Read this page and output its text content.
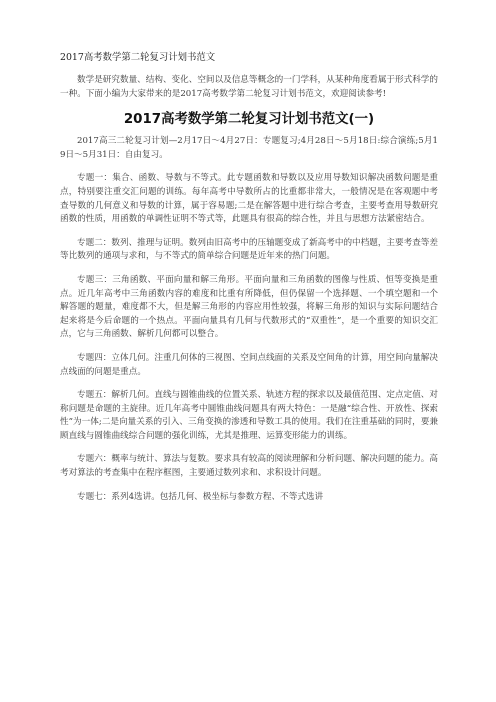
2017高考数学第二轮复习计划书范文

数学是研究数量、结构、变化、空间以及信息等概念的一门学科，从某种角度看属于形式科学的一种。下面小编为大家带来的是2017高考数学第二轮复习计划书范文，欢迎阅读参考!

2017高考数学第二轮复习计划书范文(一)

2017高三二轮复习计划—2月17日～4月27日：专题复习;4月28日～5月18日:综合演练;5月19日～5月31日：自由复习。

专题一：集合、函数、导数与不等式。此专题函数和导数以及应用导数知识解决函数问题是重点，特别要注重交汇问题的训练。每年高考中导数所占的比重都非常大，一般情况是在客观题中考查导数的几何意义和导数的计算，属于容易题;二是在解答题中进行综合考查，主要考查用导数研究函数的性质，用函数的单调性证明不等式等，此题具有很高的综合性，并且与思想方法紧密结合。

专题二：数列、推理与证明。数列由旧高考中的压轴题变成了新高考中的中档题，主要考查等差等比数列的通项与求和，与不等式的简单综合问题是近年来的热门问题。

专题三：三角函数、平面向量和解三角形。平面向量和三角函数的图像与性质、恒等变换是重点。近几年高考中三角函数内容的难度和比重有所降低，但仍保留一个选择题、一个填空题和一个解答题的题量，难度都不大，但是解三角形的内容应用性较强，将解三角形的知识与实际问题结合起来将是今后命题的一个热点。平面向量具有几何与代数形式的“双重性”，是一个重要的知识交汇点，它与三角函数、解析几何都可以整合。

专题四：立体几何。注重几何体的三视图、空间点线面的关系及空间角的计算，用空间向量解决点线面的问题是重点。

专题五：解析几何。直线与圆锥曲线的位置关系、轨迹方程的探求以及最值范围、定点定值、对称问题是命题的主旋律。近几年高考中圆锥曲线问题具有两大特色：一是融“综合性、开放性、探索性”为一体;二是向量关系的引入、三角变换的渗透和导数工具的使用。我们在注重基础的同时，要兼顾直线与圆锥曲线综合问题的强化训练，尤其是推理、运算变形能力的训练。

专题六：概率与统计、算法与复数。要求具有较高的阅读理解和分析问题、解决问题的能力。高考对算法的考查集中在程序框图，主要通过数列求和、求积设计问题。

专题七：系列4选讲。包括几何、极坐标与参数方程、不等式选讲
